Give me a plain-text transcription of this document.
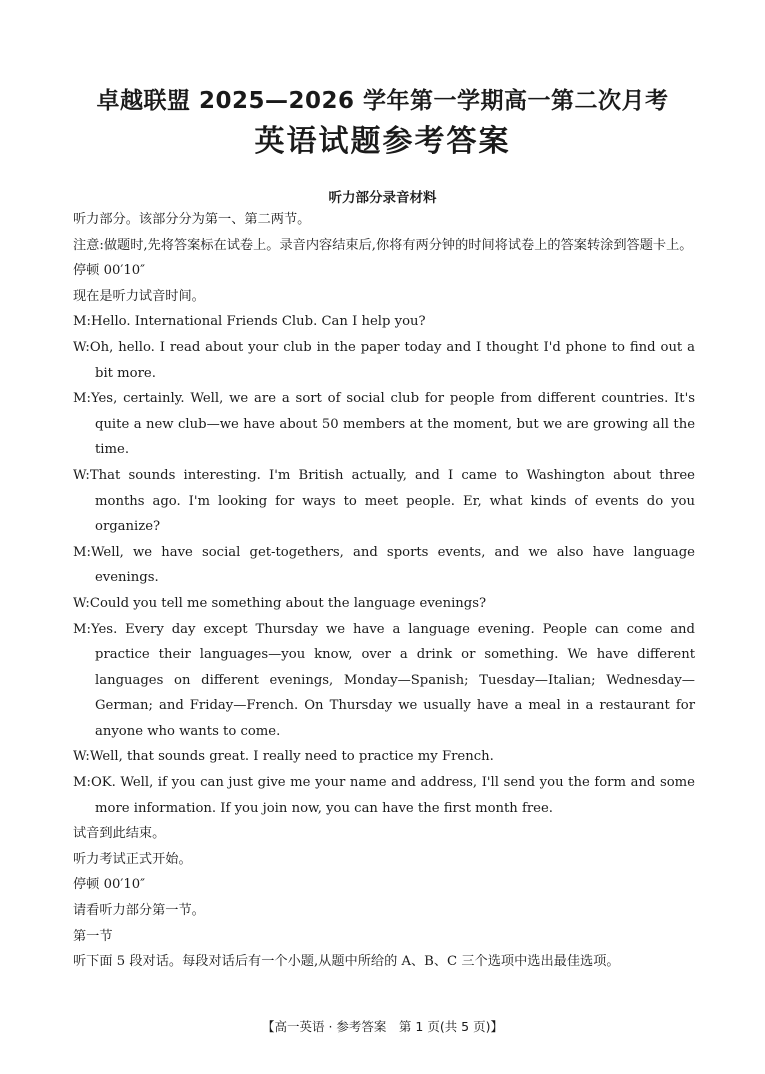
卓越联盟 2025—2026 学年第一学期高一第二次月考
英语试题参考答案
听力部分录音材料
听力部分。该部分分为第一、第二两节。
注意:做题时,先将答案标在试卷上。录音内容结束后,你将有两分钟的时间将试卷上的答案转涂到答题卡上。
停顿 00′10″
现在是听力试音时间。
M:Hello. International Friends Club. Can I help you?
W:Oh, hello. I read about your club in the paper today and I thought I'd phone to find out a bit more.
M:Yes, certainly. Well, we are a sort of social club for people from different countries. It's quite a new club—we have about 50 members at the moment, but we are growing all the time.
W:That sounds interesting. I'm British actually, and I came to Washington about three months ago. I'm looking for ways to meet people. Er, what kinds of events do you organize?
M:Well, we have social get-togethers, and sports events, and we also have language evenings.
W:Could you tell me something about the language evenings?
M:Yes. Every day except Thursday we have a language evening. People can come and practice their languages—you know, over a drink or something. We have different languages on different evenings, Monday—Spanish; Tuesday—Italian; Wednesday—German; and Friday—French. On Thursday we usually have a meal in a restaurant for anyone who wants to come.
W:Well, that sounds great. I really need to practice my French.
M:OK. Well, if you can just give me your name and address, I'll send you the form and some more information. If you join now, you can have the first month free.
试音到此结束。
听力考试正式开始。
停顿 00′10″
请看听力部分第一节。
第一节
听下面 5 段对话。每段对话后有一个小题,从题中所给的 A、B、C 三个选项中选出最佳选项。
【高一英语 · 参考答案　第 1 页(共 5 页)】
